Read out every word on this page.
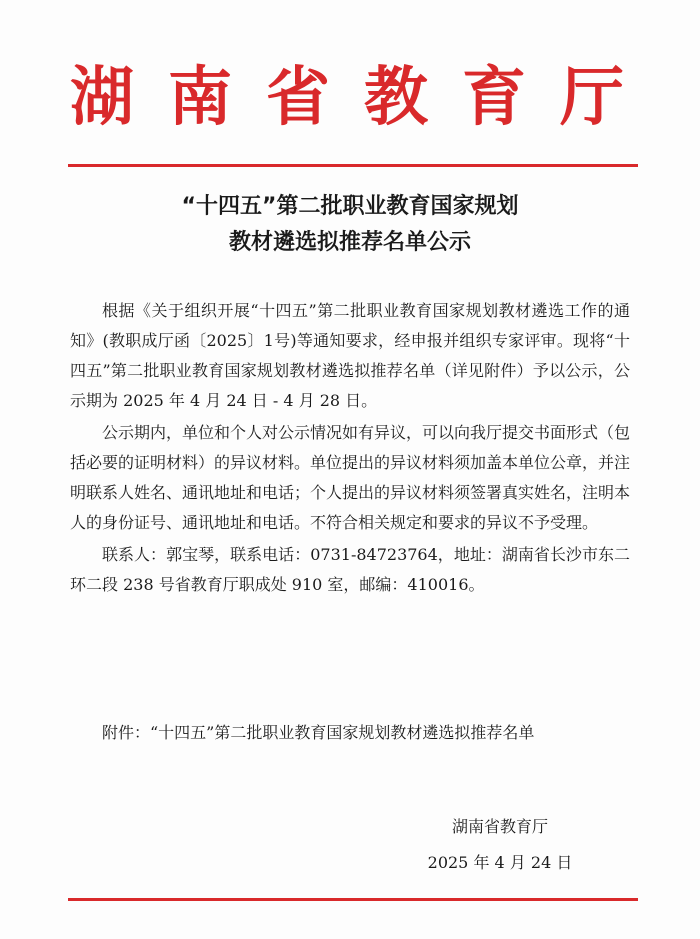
湖南省教育厅
“十四五”第二批职业教育国家规划
教材遴选拟推荐名单公示

根据《关于组织开展“十四五”第二批职业教育国家规划教材遴选工作的通知》(教职成厅函〔2025〕1号)等通知要求，经申报并组织专家评审。现将“十四五”第二批职业教育国家规划教材遴选拟推荐名单（详见附件）予以公示，公示期为 2025 年 4 月 24 日 - 4 月 28 日。

公示期内，单位和个人对公示情况如有异议，可以向我厅提交书面形式（包括必要的证明材料）的异议材料。单位提出的异议材料须加盖本单位公章，并注明联系人姓名、通讯地址和电话；个人提出的异议材料须签署真实姓名，注明本人的身份证号、通讯地址和电话。不符合相关规定和要求的异议不予受理。

联系人：郭宝琴，联系电话：0731-84723764，地址：湖南省长沙市东二环二段 238 号省教育厅职成处 910 室，邮编：410016。

附件：“十四五”第二批职业教育国家规划教材遴选拟推荐名单
湖南省教育厅
2025 年 4 月 24 日
